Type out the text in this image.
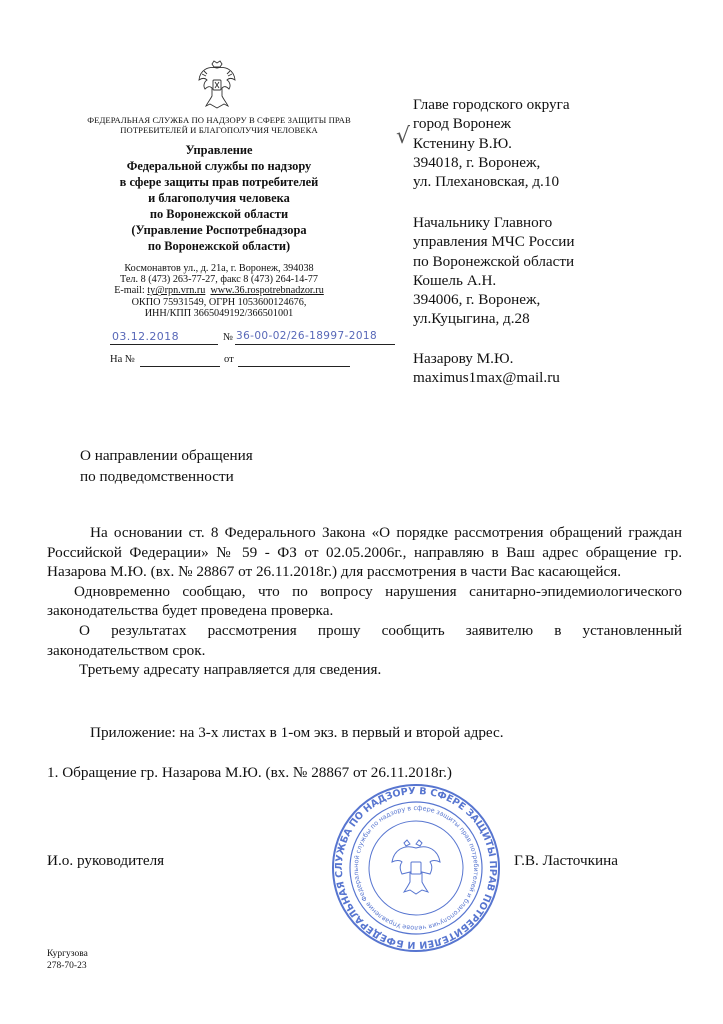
ФЕДЕРАЛЬНАЯ СЛУЖБА ПО НАДЗОРУ В СФЕРЕ ЗАЩИТЫ ПРАВ
ПОТРЕБИТЕЛЕЙ И БЛАГОПОЛУЧИЯ ЧЕЛОВЕКА
Управление
Федеральной службы по надзору
в сфере защиты прав потребителей
и благополучия человека
по Воронежской области
(Управление Роспотребнадзора
по Воронежской области)
Космонавтов ул., д. 21а, г. Воронеж, 394038
Тел. 8 (473) 263-77-27, факс 8 (473) 264-14-77
E-mail: ty@rpn.vrn.ru www.36.rospotrebnadzor.ru
ОКПО 75931549, ОГРН 1053600124676,
ИНН/КПП 3665049192/366501001
03.12.2018	№ 36-00-02/26-18997-2018
На №	от
√
Главе городского округа
город Воронеж
Кстенину В.Ю.
394018, г. Воронеж,
ул. Плехановская, д.10
Начальнику Главного
управления МЧС России
по Воронежской области
Кошель А.Н.
394006, г. Воронеж,
ул.Куцыгина, д.28
Назарову М.Ю.
maximus1max@mail.ru
О направлении обращения
по подведомственности

На основании ст. 8 Федерального Закона «О порядке рассмотрения обращений граждан Российской Федерации» № 59 - ФЗ от 02.05.2006г., направляю в Ваш адрес обращение гр. Назарова М.Ю. (вх. № 28867 от 26.11.2018г.) для рассмотрения в части Вас касающейся.

Одновременно сообщаю, что по вопросу нарушения санитарно-эпидемиологического законодательства будет проведена проверка.

О результатах рассмотрения прошу сообщить заявителю в установленный законодательством срок.

Третьему адресату направляется для сведения.

Приложение: на 3-х листах в 1-ом экз. в первый и второй адрес.
1. Обращение гр. Назарова М.Ю. (вх. № 28867 от 26.11.2018г.)
ФЕДЕРАЛЬНАЯ СЛУЖБА ПО НАДЗОРУ В СФЕРЕ ЗАЩИТЫ ПРАВ ПОТРЕБИТЕЛЕЙ И БЛАГОПОЛУЧИЯ	Управление Федеральной службы по надзору в сфере защиты прав потребителей и благополучия человека
И.о. руководителя	Г.В. Ласточкина
Кургузова
278-70-23
